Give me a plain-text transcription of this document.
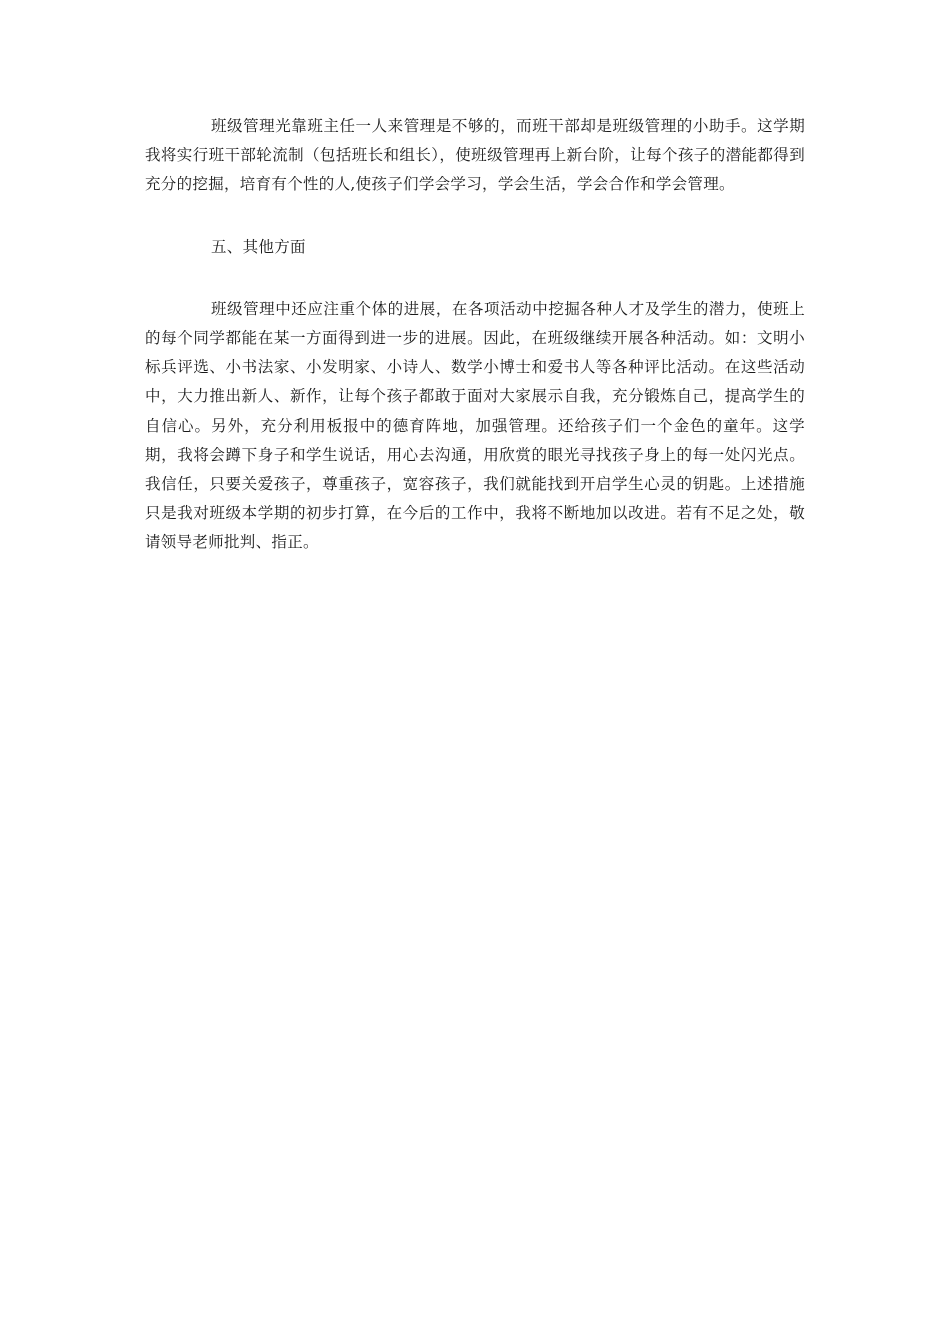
班级管理光靠班主任一人来管理是不够的，而班干部却是班级管理的小助手。这学期我将实行班干部轮流制（包括班长和组长），使班级管理再上新台阶，让每个孩子的潜能都得到充分的挖掘，培育有个性的人,使孩子们学会学习，学会生活，学会合作和学会管理。

五、其他方面

班级管理中还应注重个体的进展，在各项活动中挖掘各种人才及学生的潜力，使班上的每个同学都能在某一方面得到进一步的进展。因此，在班级继续开展各种活动。如：文明小标兵评选、小书法家、小发明家、小诗人、数学小博士和爱书人等各种评比活动。在这些活动中，大力推出新人、新作，让每个孩子都敢于面对大家展示自我，充分锻炼自己，提高学生的自信心。另外，充分利用板报中的德育阵地，加强管理。还给孩子们一个金色的童年。这学期，我将会蹲下身子和学生说话，用心去沟通，用欣赏的眼光寻找孩子身上的每一处闪光点。我信任，只要关爱孩子，尊重孩子，宽容孩子，我们就能找到开启学生心灵的钥匙。上述措施只是我对班级本学期的初步打算，在今后的工作中，我将不断地加以改进。若有不足之处，敬请领导老师批判、指正。
